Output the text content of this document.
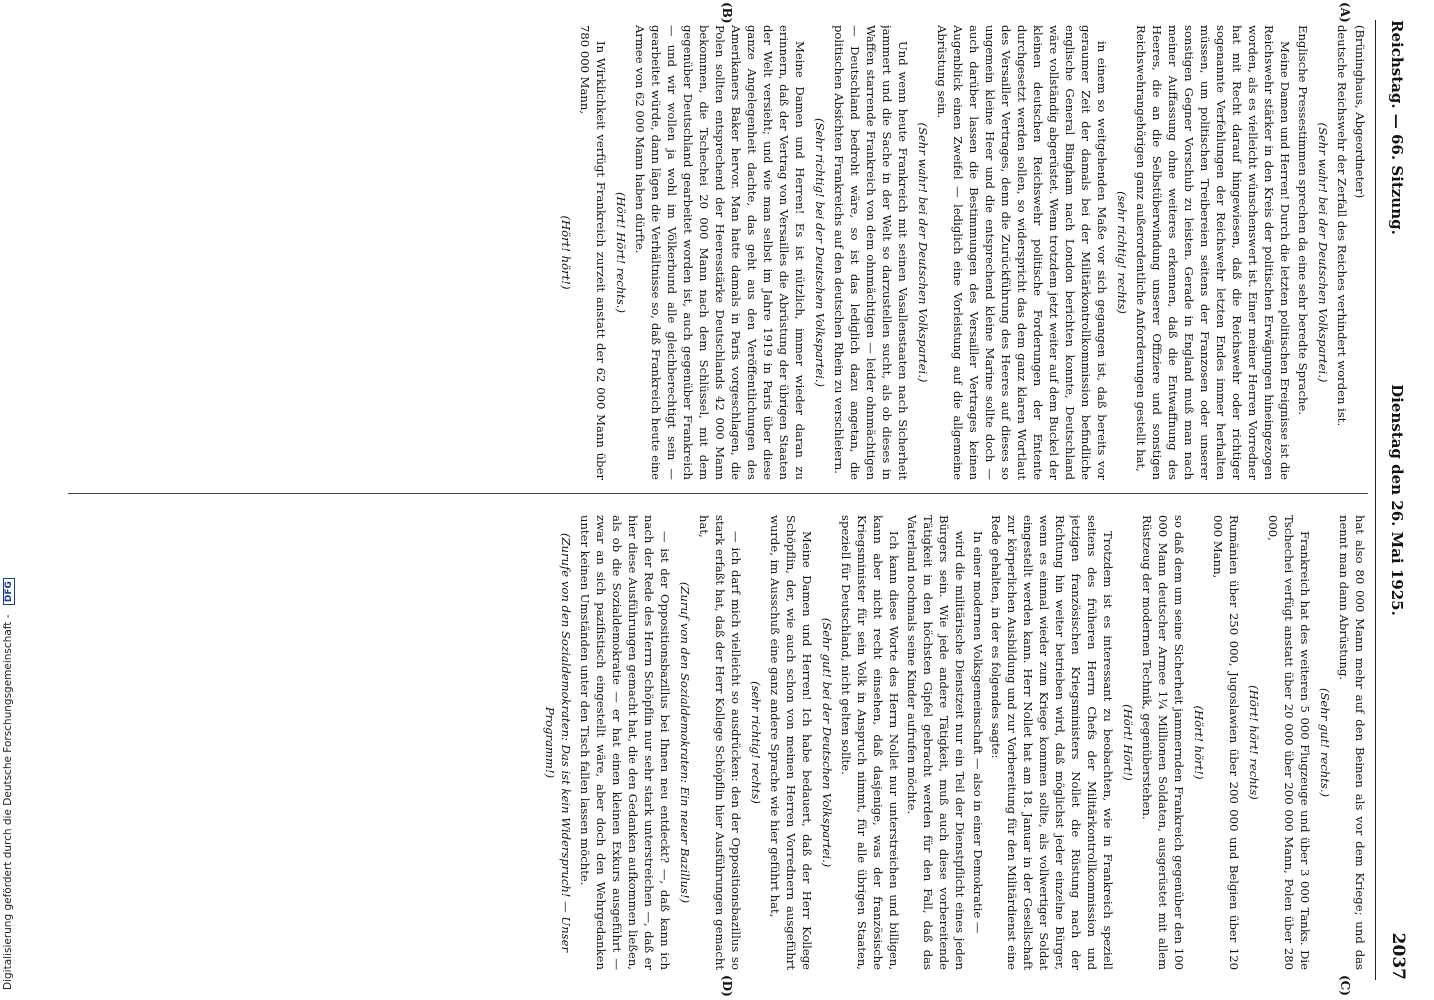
Reichstag. — 66. Sitzung.
Dienstag den 26. Mai 1925.
2037
(A)
(B)
(C)
(D)

(Brüninghaus, Abgeordneter)

deutsche Reichswehr der Zerfall des Reiches verhindert worden ist.

(Sehr wahr! bei der Deutschen Volkspartei.)

Englische Pressestimmen sprechen da eine sehr beredte Sprache.

Meine Damen und Herren! Durch die letzten politischen Ereignisse ist die Reichswehr stärker in den Kreis der politischen Erwägungen hineingezogen worden, als es vielleicht wünschenswert ist. Einer meiner Herren Vorredner hat mit Recht darauf hingewiesen, daß die Reichswehr oder richtiger sogenannte Verfehlungen der Reichswehr letzten Endes immer herhalten müssen, um politischen Treibereien seitens der Franzosen oder unserer sonstigen Gegner Vorschub zu leisten. Gerade in England muß man nach meiner Auffassung ohne weiteres erkennen, daß die Entwaffnung des Heeres, die an die Selbstüberwindung unserer Offiziere und sonstigen Reichswehrangehörigen ganz außerordentliche Anforderungen gestellt hat,

(sehr richtig! rechts)

in einem so weitgehenden Maße vor sich gegangen ist, daß bereits vor geraumer Zeit der damals bei der Militärkontrollkommission befindliche englische General Bingham nach London berichten konnte, Deutschland wäre vollständig abgerüstet. Wenn trotzdem jetzt weiter auf dem Buckel der kleinen deutschen Reichswehr politische Forderungen der Entente durchgesetzt werden sollen, so widerspricht das dem ganz klaren Wortlaut des Versailler Vertrages, denn die Zurückführung des Heeres auf dieses so ungemein kleine Heer und die entsprechend kleine Marine sollte doch — auch darüber lassen die Bestimmungen des Versailler Vertrages keinen Augenblick einen Zweifel — lediglich eine Vorleistung auf die allgemeine Abrüstung sein.

(Sehr wahr! bei der Deutschen Volkspartei.)

Und wenn heute Frankreich mit seinen Vasallenstaaten nach Sicherheit jammert und die Sache in der Welt so darzustellen sucht, als ob dieses in Waffen starrende Frankreich von dem ohnmächtigen — leider ohnmächtigen — Deutschland bedroht wäre, so ist das lediglich dazu angetan, die politischen Absichten Frankreichs auf den deutschen Rhein zu verschleiern.

(Sehr richtig! bei der Deutschen Volkspartei.)

Meine Damen und Herren! Es ist nützlich, immer wieder daran zu erinnern, daß der Vertrag von Versailles die Abrüstung der übrigen Staaten der Welt versieht; und wie man selbst im Jahre 1919 in Paris über diese ganze Angelegenheit dachte, das geht aus den Veröffentlichungen des Amerikaners Baker hervor. Man hatte damals in Paris vorgeschlagen, die Polen sollten entsprechend der Heeresstärke Deutschlands 42 000 Mann bekommen, die Tschechei 20 000 Mann nach dem Schlüssel, mit dem gegenüber Deutschland gearbeitet worden ist, auch gegenüber Frankreich — und wir wollen ja wohl im Völkerbund alle gleichberechtigt sein — gearbeitet würde, dann lägen die Verhältnisse so, daß Frankreich heute eine Armee von 62 000 Mann haben dürfte.

(Hört! Hört! rechts.)

In Wirklichkeit verfügt Frankreich zurzeit anstatt der 62 000 Mann über 780 000 Mann,

(Hört! hört!)

hat also 80 000 Mann mehr auf den Beinen als vor dem Kriege; und das nennt man dann Abrüstung.

(Sehr gut! rechts.)

Frankreich hat des weiteren 5 000 Flugzeuge und über 3 000 Tanks. Die Tschechei verfügt anstatt über 20 000 über 200 000 Mann, Polen über 280 000,

(Hört! hört! rechts)

Rumänien über 250 000, Jugoslawien über 200 000 und Belgien über 120 000 Mann,

(Hört! hört!)

so daß dem um seine Sicherheit jammernden Frankreich gegenüber den 100 000 Mann deutscher Armee 1¼ Millionen Soldaten, ausgerüstet mit allem Rüstzeug der modernen Technik, gegenüberstehen.

(Hört! Hört!)

Trotzdem ist es interessant zu beobachten, wie in Frankreich speziell seitens des früheren Herrn Chefs der Militärkontrollkommission und jetzigen französischen Kriegsministers Nollet die Rüstung nach der Richtung hin weiter betrieben wird, daß möglichst jeder einzelne Bürger, wenn es einmal wieder zum Kriege kommen sollte, als vollwertiger Soldat eingestellt werden kann. Herr Nollet hat am 18. Januar in der Gesellschaft zur körperlichen Ausbildung und zur Vorbereitung für den Militärdienst eine Rede gehalten, in der es folgendes sagte:

In einer modernen Volksgemeinschaft — also in einer Demokratie —

wird die militärische Dienstzeit nur ein Teil der Dienstpflicht eines jeden Bürgers sein. Wie jede andere Tätigkeit, muß auch diese vorbereitende Tätigkeit in den höchsten Gipfel gebracht werden für den Fall, daß das Vaterland nochmals seine Kinder aufrufen möchte.

Ich kann diese Worte des Herrn Nollet nur unterstreichen und billigen, kann aber nicht recht einsehen, daß dasjenige, was der französische Kriegsminister für sein Volk in Anspruch nimmt, für alle übrigen Staaten, speziell für Deutschland, nicht gelten sollte.

(Sehr gut! bei der Deutschen Volkspartei.)

Meine Damen und Herren! Ich habe bedauert, daß der Herr Kollege Schöpflin, der, wie auch schon von meinen Herren Vorrednern ausgeführt wurde, im Ausschuß eine ganz andere Sprache wie hier geführt hat,

(sehr richtig! rechts)

— ich darf mich vielleicht so ausdrücken: den der Oppositionsbazillus so stark erfaßt hat, daß der Herr Kollege Schöpflin hier Ausführungen gemacht hat,

(Zuruf von den Sozialdemokraten: Ein neuer Bazillus!)

— ist der Oppositionsbazillus bei Ihnen neu entdeckt? —, daß kann ich nach der Rede des Herrn Schöpflin nur sehr stark unterstreichen —, daß er hier diese Ausführungen gemacht hat, die den Gedanken aufkommen ließen, als ob die Sozialdemokratie — er hat einen kleinen Exkurs ausgeführt — zwar an sich pazifistisch eingestellt wäre, aber doch den Wehrgedanken unter keinen Umständen unter den Tisch fallen lassen möchte.

(Zurufe von den Sozialdemokraten: Das ist kein Widerspruch! — Unser Programm!)

Digitalisierung gefördert durch die Deutsche Forschungsgemeinschaft - DFG
